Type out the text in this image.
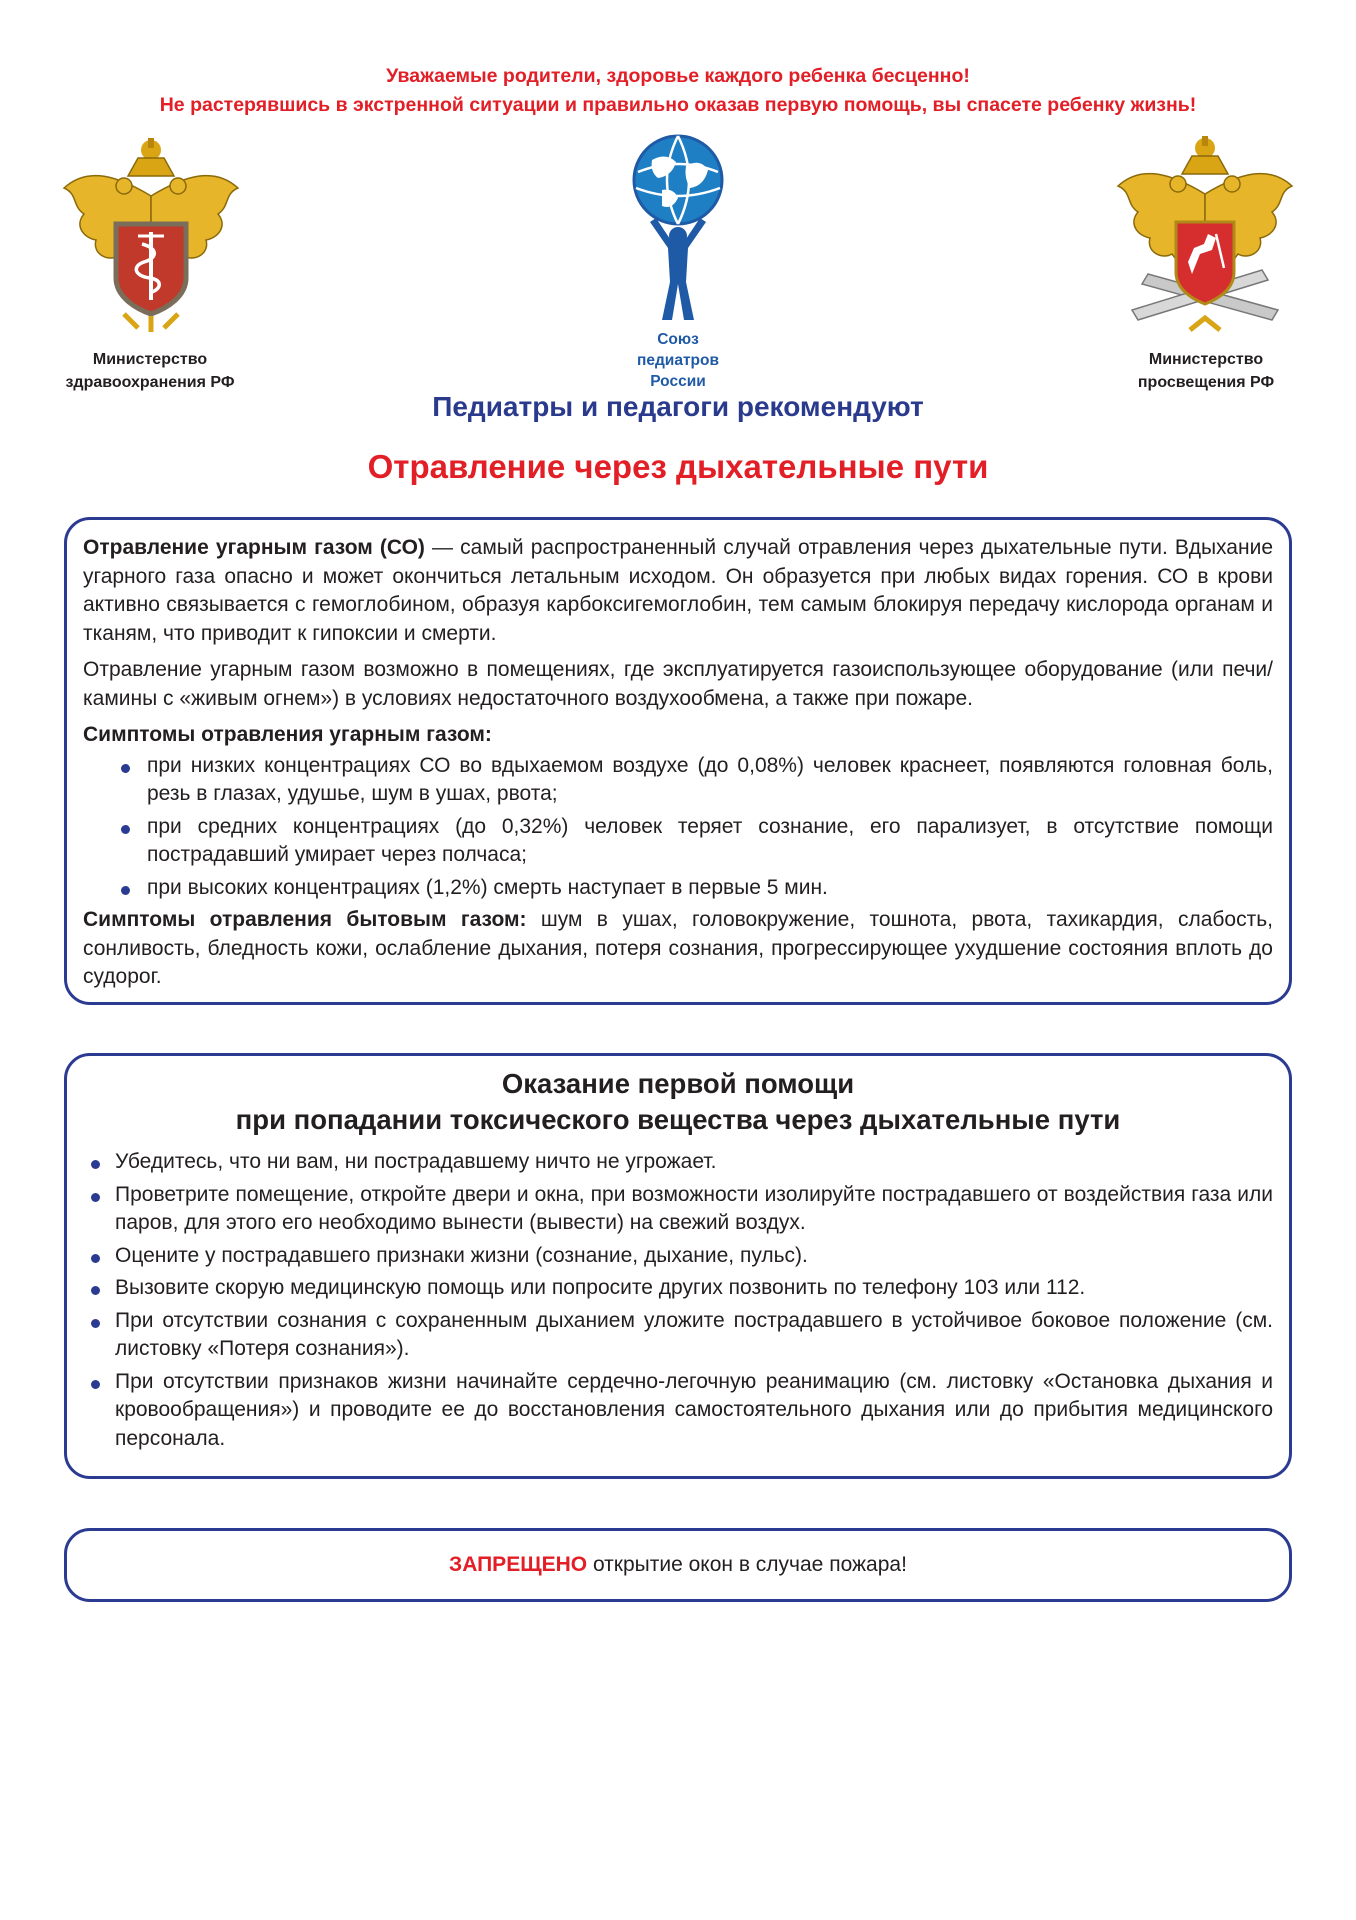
Уважаемые родители, здоровье каждого ребенка бесценно!
Не растерявшись в экстренной ситуации и правильно оказав первую помощь, вы спасете ребенку жизнь!
Министерство
здравоохранения РФ
Союз
педиатров
России
Министерство
просвещения РФ
Педиатры и педагоги рекомендуют
Отравление через дыхательные пути
Отравление угарным газом (СО) — самый распространенный случай отравления через дыхательные пути. Вдыхание угарного газа опасно и может окончиться летальным исходом. Он образуется при любых видах горения. СО в крови активно связывается с гемоглобином, образуя карбоксигемоглобин, тем самым блокируя передачу кислорода органам и тканям, что приводит к гипоксии и смерти.
Отравление угарным газом возможно в помещениях, где эксплуатируется газоиспользующее оборудование (или печи/камины с «живым огнем») в условиях недостаточного воздухообмена, а также при пожаре.
Симптомы отравления угарным газом:
при низких концентрациях СО во вдыхаемом воздухе (до 0,08%) человек краснеет, появляются головная боль, резь в глазах, удушье, шум в ушах, рвота;
при средних концентрациях (до 0,32%) человек теряет сознание, его парализует, в отсутствие помощи пострадавший умирает через полчаса;
при высоких концентрациях (1,2%) смерть наступает в первые 5 мин.
Симптомы отравления бытовым газом: шум в ушах, головокружение, тошнота, рвота, тахикардия, слабость, сонливость, бледность кожи, ослабление дыхания, потеря сознания, прогрессирующее ухудшение состояния вплоть до судорог.
Оказание первой помощи
при попадании токсического вещества через дыхательные пути
Убедитесь, что ни вам, ни пострадавшему ничто не угрожает.
Проветрите помещение, откройте двери и окна, при возможности изолируйте пострадавшего от воздействия газа или паров, для этого его необходимо вынести (вывести) на свежий воздух.
Оцените у пострадавшего признаки жизни (сознание, дыхание, пульс).
Вызовите скорую медицинскую помощь или попросите других позвонить по телефону 103 или 112.
При отсутствии сознания с сохраненным дыханием уложите пострадавшего в устойчивое боковое положение (см. листовку «Потеря сознания»).
При отсутствии признаков жизни начинайте сердечно-легочную реанимацию (см. листовку «Остановка дыхания и кровообращения») и проводите ее до восстановления самостоятельного дыхания или до прибытия медицинского персонала.
ЗАПРЕЩЕНО открытие окон в случае пожара!
